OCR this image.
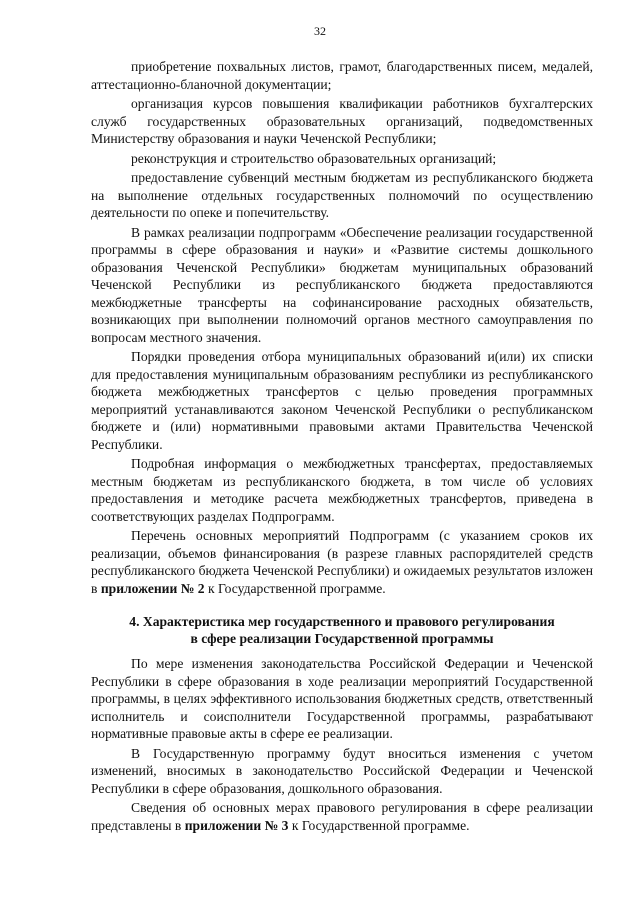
32

приобретение похвальных листов, грамот, благодарственных писем, медалей, аттестационно-бланочной документации;

организация курсов повышения квалификации работников бухгалтерских служб государственных образовательных организаций, подведомственных Министерству образования и науки Чеченской Республики;

реконструкция и строительство образовательных организаций;

предоставление субвенций местным бюджетам из республиканского бюджета на выполнение отдельных государственных полномочий по осуществлению деятельности по опеке и попечительству.

В рамках реализации подпрограмм «Обеспечение реализации государственной программы в сфере образования и науки» и «Развитие системы дошкольного образования Чеченской Республики» бюджетам муниципальных образований Чеченской Республики из республиканского бюджета предоставляются межбюджетные трансферты на софинансирование расходных обязательств, возникающих при выполнении полномочий органов местного самоуправления по вопросам местного значения.

Порядки проведения отбора муниципальных образований и(или) их списки для предоставления муниципальным образованиям республики из республиканского бюджета межбюджетных трансфертов с целью проведения программных мероприятий устанавливаются законом Чеченской Республики о республиканском бюджете и (или) нормативными правовыми актами Правительства Чеченской Республики.

Подробная информация о межбюджетных трансфертах, предоставляемых местным бюджетам из республиканского бюджета, в том числе об условиях предоставления и методике расчета межбюджетных трансфертов, приведена в соответствующих разделах Подпрограмм.

Перечень основных мероприятий Подпрограмм (с указанием сроков их реализации, объемов финансирования (в разрезе главных распорядителей средств республиканского бюджета Чеченской Республики) и ожидаемых результатов изложен в приложении № 2 к Государственной программе.

4. Характеристика мер государственного и правового регулирования
в сфере реализации Государственной программы

По мере изменения законодательства Российской Федерации и Чеченской Республики в сфере образования в ходе реализации мероприятий Государственной программы, в целях эффективного использования бюджетных средств, ответственный исполнитель и соисполнители Государственной программы, разрабатывают нормативные правовые акты в сфере ее реализации.

В Государственную программу будут вноситься изменения с учетом изменений, вносимых в законодательство Российской Федерации и Чеченской Республики в сфере образования, дошкольного образования.

Сведения об основных мерах правового регулирования в сфере реализации представлены в приложении № 3 к Государственной программе.
